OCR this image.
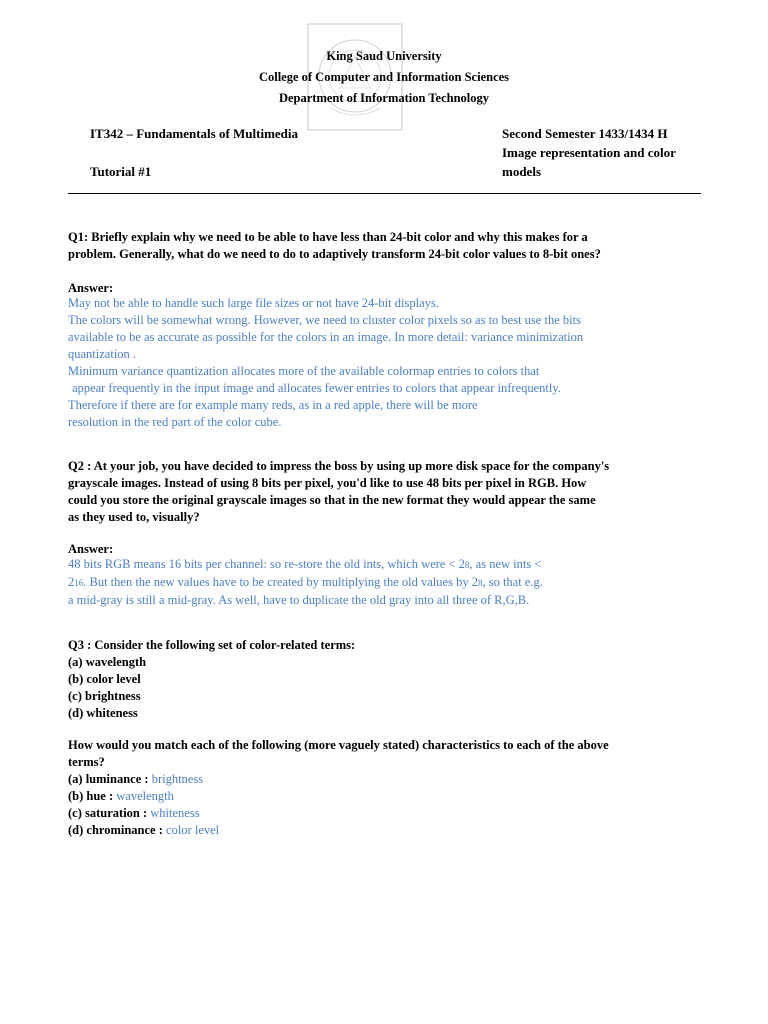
King Saud University
College of Computer and Information Sciences
Department of Information Technology
IT342 – Fundamentals of Multimedia
Tutorial #1
Second Semester 1433/1434 H
Image representation and color
models
Q1: Briefly explain why we need to be able to have less than 24-bit color and why this makes for a
problem. Generally, what do we need to do to adaptively transform 24-bit color values to 8-bit ones?
Answer:
May not be able to handle such large file sizes or not have 24-bit displays.
The colors will be somewhat wrong. However, we need to cluster color pixels so as to best use the bits
available to be as accurate as possible for the colors in an image. In more detail: variance minimization
quantization .
Minimum variance quantization allocates more of the available colormap entries to colors that
appear frequently in the input image and allocates fewer entries to colors that appear infrequently.
Therefore if there are for example many reds, as in a red apple, there will be more
resolution in the red part of the color cube.
Q2 : At your job, you have decided to impress the boss by using up more disk space for the company's
grayscale images. Instead of using 8 bits per pixel, you'd like to use 48 bits per pixel in RGB. How
could you store the original grayscale images so that in the new format they would appear the same
as they used to, visually?
Answer:
48 bits RGB means 16 bits per channel: so re-store the old ints, which were < 28, as new ints <
216. But then the new values have to be created by multiplying the old values by 28, so that e.g.
a mid-gray is still a mid-gray. As well, have to duplicate the old gray into all three of R,G,B.
Q3 : Consider the following set of color-related terms:
(a) wavelength
(b) color level
(c) brightness
(d) whiteness
How would you match each of the following (more vaguely stated) characteristics to each of the above
terms?
(a) luminance : brightness
(b) hue : wavelength
(c) saturation : whiteness
(d) chrominance : color level
